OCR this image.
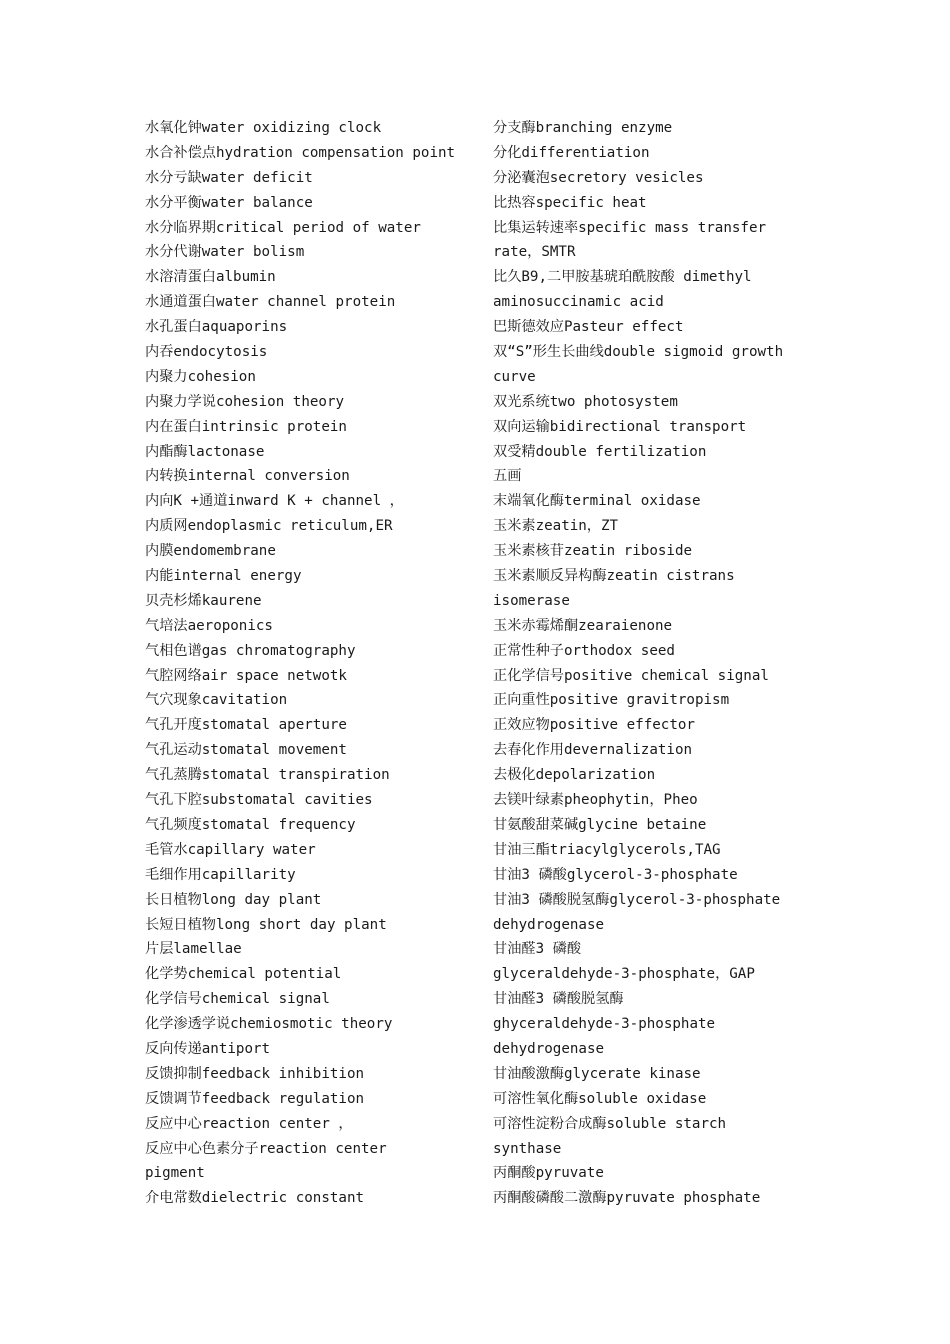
水氧化钟water oxidizing clock
水合补偿点hydration compensation point
水分亏缺water deficit
水分平衡water balance
水分临界期critical period of water
水分代谢water bolism
水溶清蛋白albumin
水通道蛋白water channel protein
水孔蛋白aquaporins
内吞endocytosis
内聚力cohesion
内聚力学说cohesion theory
内在蛋白intrinsic protein
内酯酶lactonase
内转换internal conversion
内向K +通道inward K + channel ，
内质网endoplasmic reticulum,ER
内膜endomembrane
内能internal energy
贝壳杉烯kaurene
气培法aeroponics
气相色谱gas chromatography
气腔网络air space netwotk
气穴现象cavitation
气孔开度stomatal aperture
气孔运动stomatal movement
气孔蒸腾stomatal transpiration
气孔下腔substomatal cavities
气孔频度stomatal frequency
毛管水capillary water
毛细作用capillarity
长日植物long day plant
长短日植物long short day plant
片层lamellae
化学势chemical potential
化学信号chemical signal
化学渗透学说chemiosmotic theory
反向传递antiport
反馈抑制feedback inhibition
反馈调节feedback regulation
反应中心reaction center ，
反应中心色素分子reaction center
pigment
介电常数dielectric constant
分支酶branching enzyme
分化differentiation
分泌囊泡secretory vesicles
比热容specific heat
比集运转速率specific mass transfer
rate，SMTR
比久B9,二甲胺基琥珀酰胺酸 dimethyl
aminosuccinamic acid
巴斯德效应Pasteur effect
双“S”形生长曲线double sigmoid growth
curve
双光系统two photosystem
双向运输bidirectional transport
双受精double fertilization
五画
末端氧化酶terminal oxidase
玉米素zeatin，ZT
玉米素核苷zeatin riboside
玉米素顺反异构酶zeatin cistrans
isomerase
玉米赤霉烯酮zearaienone
正常性种子orthodox seed
正化学信号positive chemical signal
正向重性positive gravitropism
正效应物positive effector
去春化作用devernalization
去极化depolarization
去镁叶绿素pheophytin，Pheo
甘氨酸甜菜碱glycine betaine
甘油三酯triacylglycerols,TAG
甘油3 磷酸glycerol-3-phosphate
甘油3 磷酸脱氢酶glycerol-3-phosphate
dehydrogenase
甘油醛3 磷酸
glyceraldehyde-3-phosphate，GAP
甘油醛3 磷酸脱氢酶
ghyceraldehyde-3-phosphate
dehydrogenase
甘油酸激酶glycerate kinase
可溶性氧化酶soluble oxidase
可溶性淀粉合成酶soluble starch
synthase
丙酮酸pyruvate
丙酮酸磷酸二激酶pyruvate phosphate
